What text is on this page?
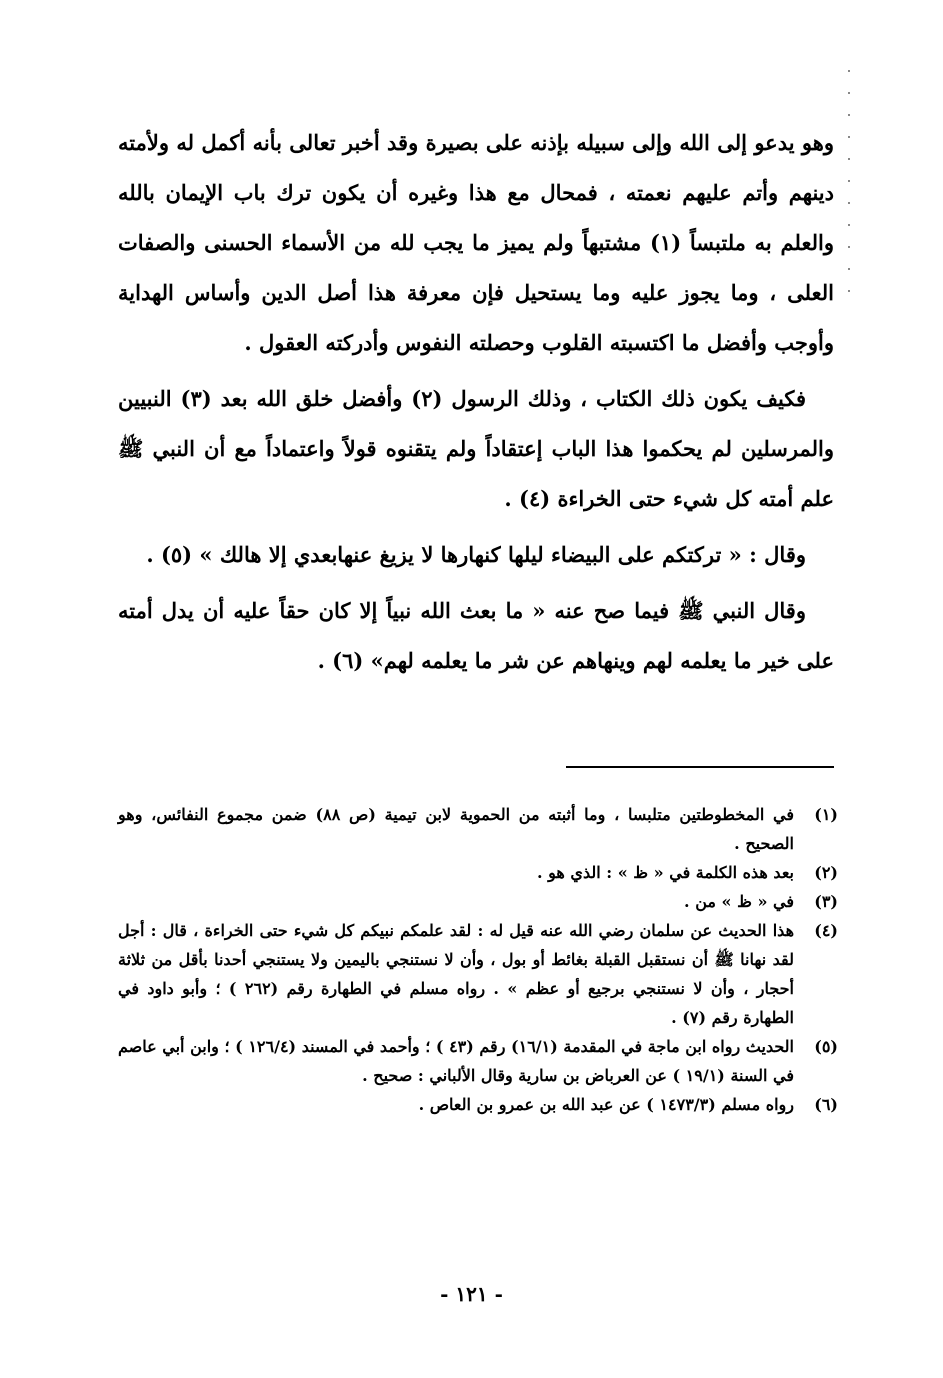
وهو يدعو إلى الله وإلى سبيله بإذنه على بصيرة وقد أخبر تعالى بأنه أكمل له ولأمته دينهم وأتم عليهم نعمته ، فمحال مع هذا وغيره أن يكون ترك باب الإيمان بالله والعلم به ملتبساً (١) مشتبهاً ولم يميز ما يجب لله من الأسماء الحسنى والصفات العلى ، وما يجوز عليه وما يستحيل فإن معرفة هذا أصل الدين وأساس الهداية وأوجب وأفضل ما اكتسبته القلوب وحصلته النفوس وأدركته العقول .

فكيف يكون ذلك الكتاب ، وذلك الرسول (٢) وأفضل خلق الله بعد (٣) النبيين والمرسلين لم يحكموا هذا الباب إعتقاداً ولم يتقنوه قولاً واعتماداً مع أن النبي ﷺ علم أمته كل شيء حتى الخراءة (٤) .

وقال : « تركتكم على البيضاء ليلها كنهارها لا يزيغ عنهابعدي إلا هالك » (٥) .

وقال النبي ﷺ فيما صح عنه « ما بعث الله نبياً إلا كان حقاً عليه أن يدل أمته على خير ما يعلمه لهم وينهاهم عن شر ما يعلمه لهم» (٦) .

(١)
في المخطوطتين متلبسا ، وما أثبته من الحموية لابن تيمية (ص ٨٨) ضمن مجموع النفائس، وهو الصحيح .
(٢)
بعد هذه الكلمة في « ظ » : الذي هو .
(٣)
في « ظ » من .
(٤)
هذا الحديث عن سلمان رضي الله عنه قيل له : لقد علمكم نبيكم كل شيء حتى الخراءة ، قال : أجل لقد نهانا ﷺ أن نستقبل القبلة بغائط أو بول ، وأن لا نستنجي باليمين ولا يستنجي أحدنا بأقل من ثلاثة أحجار ، وأن لا نستنجي برجيع أو عظم » . رواه مسلم في الطهارة رقم (٢٦٢ ) ؛ وأبو داود في الطهارة رقم (٧) .
(٥)
الحديث رواه ابن ماجة في المقدمة (١٦/١) رقم (٤٣ ) ؛ وأحمد في المسند (١٢٦/٤ ) ؛ وابن أبي عاصم في السنة (١٩/١ ) عن العرباض بن سارية وقال الألباني : صحيح .
(٦)
رواه مسلم (١٤٧٣/٣ ) عن عبد الله بن عمرو بن العاص .
- ١٢١ -
